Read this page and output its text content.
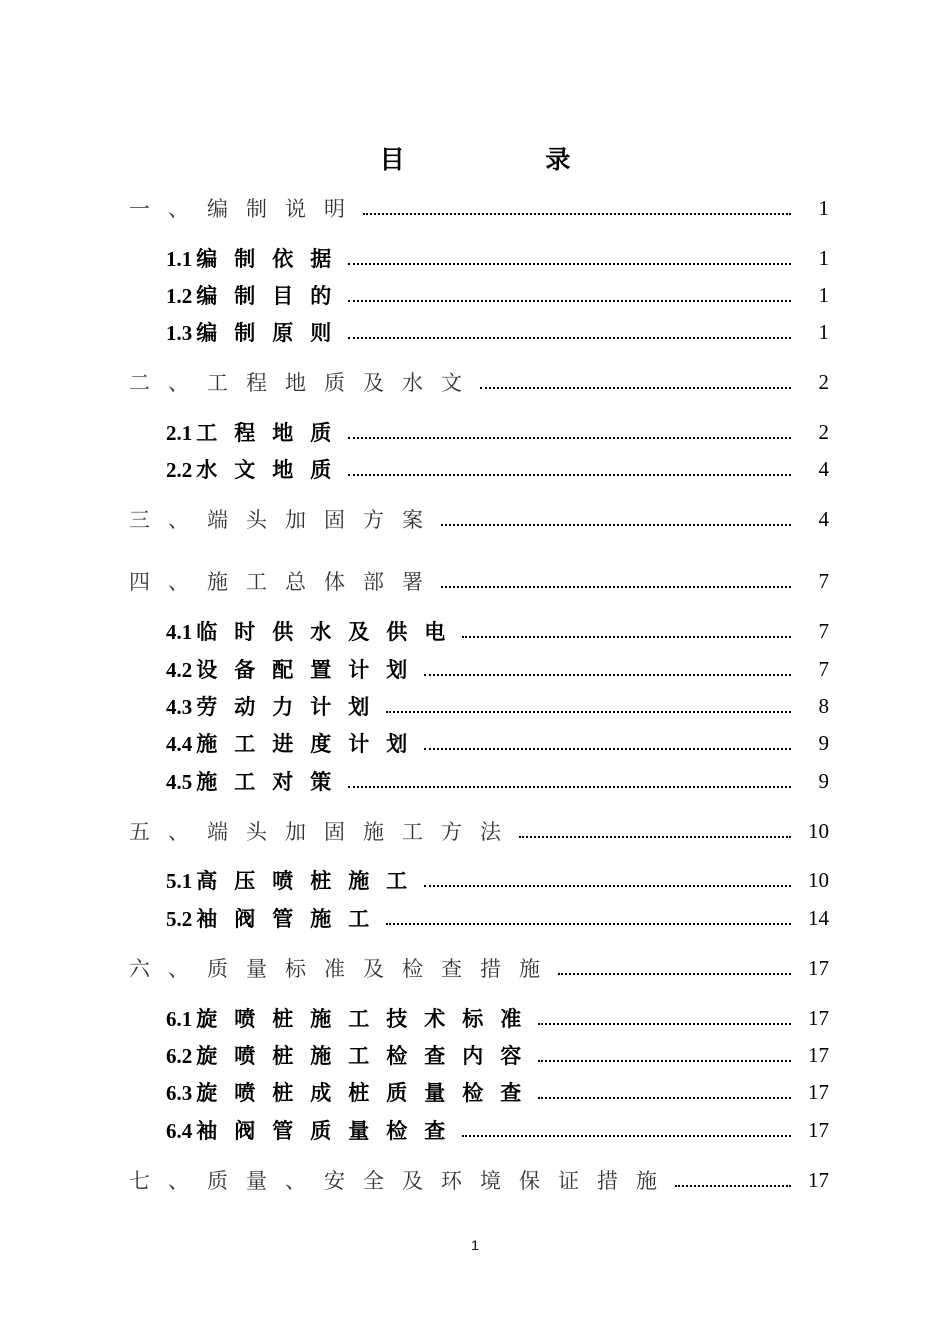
目 录
一、编制说明	1
1.1 编制依据	1
1.2 编制目的	1
1.3 编制原则	1
二、工程地质及水文	2
2.1 工程地质	2
2.2 水文地质	4
三、端头加固方案	4
四、施工总体部署	7
4.1 临时供水及供电	7
4.2 设备配置计划	7
4.3 劳动力计划	8
4.4 施工进度计划	9
4.5 施工对策	9
五、端头加固施工方法	10
5.1 高压喷桩施工	10
5.2 袖阀管施工	14
六、质量标准及检查措施	17
6.1 旋喷桩施工技术标准	17
6.2 旋喷桩施工检查内容	17
6.3 旋喷桩成桩质量检查	17
6.4 袖阀管质量检查	17
七、质量、安全及环境保证措施	17
1
